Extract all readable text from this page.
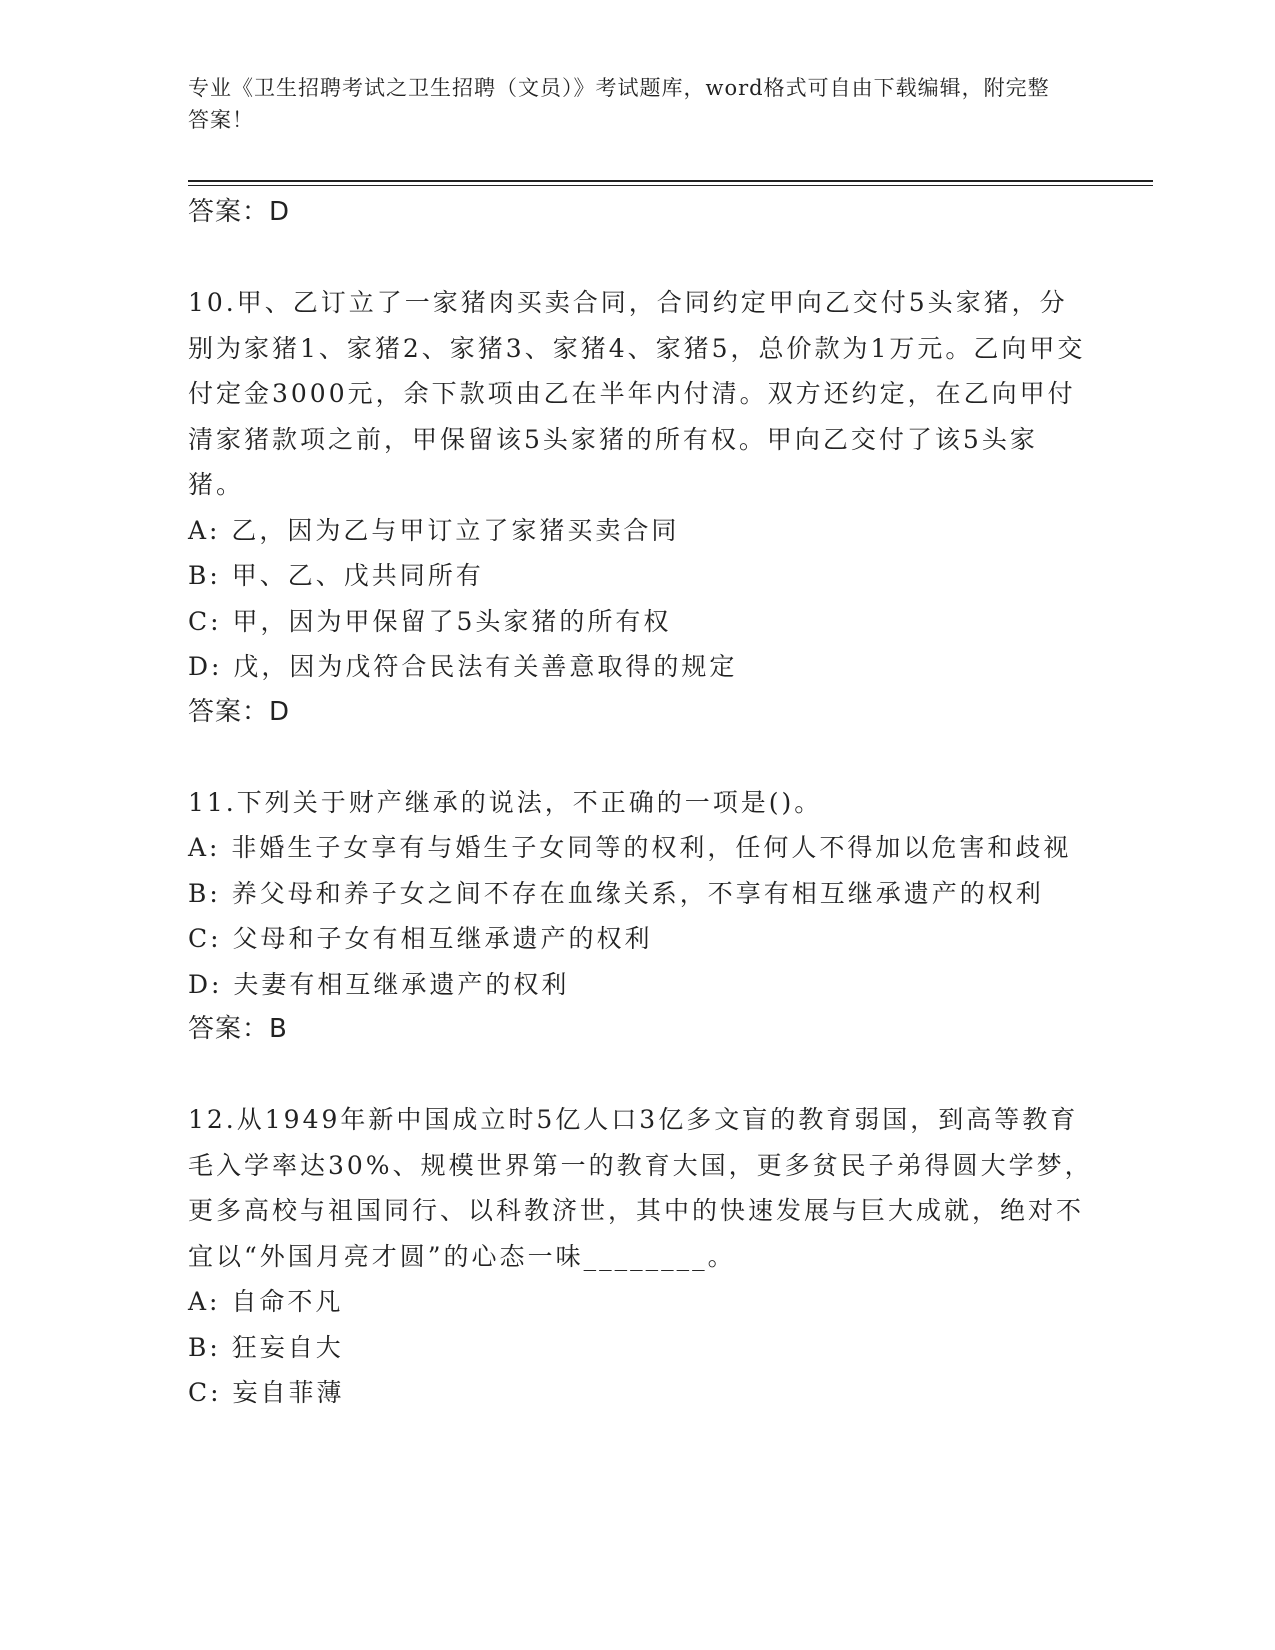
专业《卫生招聘考试之卫生招聘（文员）》考试题库，word格式可自由下载编辑，附完整答案！

答案：D

10.甲、乙订立了一家猪肉买卖合同，合同约定甲向乙交付5头家猪，分别为家猪1、家猪2、家猪3、家猪4、家猪5，总价款为1万元。乙向甲交付定金3000元，余下款项由乙在半年内付清。双方还约定，在乙向甲付清家猪款项之前，甲保留该5头家猪的所有权。甲向乙交付了该5头家猪。

A: 乙，因为乙与甲订立了家猪买卖合同

B: 甲、乙、戊共同所有

C: 甲，因为甲保留了5头家猪的所有权

D: 戊，因为戊符合民法有关善意取得的规定

答案：D

11.下列关于财产继承的说法，不正确的一项是()。

A: 非婚生子女享有与婚生子女同等的权利，任何人不得加以危害和歧视

B: 养父母和养子女之间不存在血缘关系，不享有相互继承遗产的权利

C: 父母和子女有相互继承遗产的权利

D: 夫妻有相互继承遗产的权利

答案：B

12.从1949年新中国成立时5亿人口3亿多文盲的教育弱国，到高等教育毛入学率达30%、规模世界第一的教育大国，更多贫民子弟得圆大学梦，更多高校与祖国同行、以科教济世，其中的快速发展与巨大成就，绝对不宜以“外国月亮才圆”的心态一味________。

A: 自命不凡

B: 狂妄自大

C: 妄自菲薄
